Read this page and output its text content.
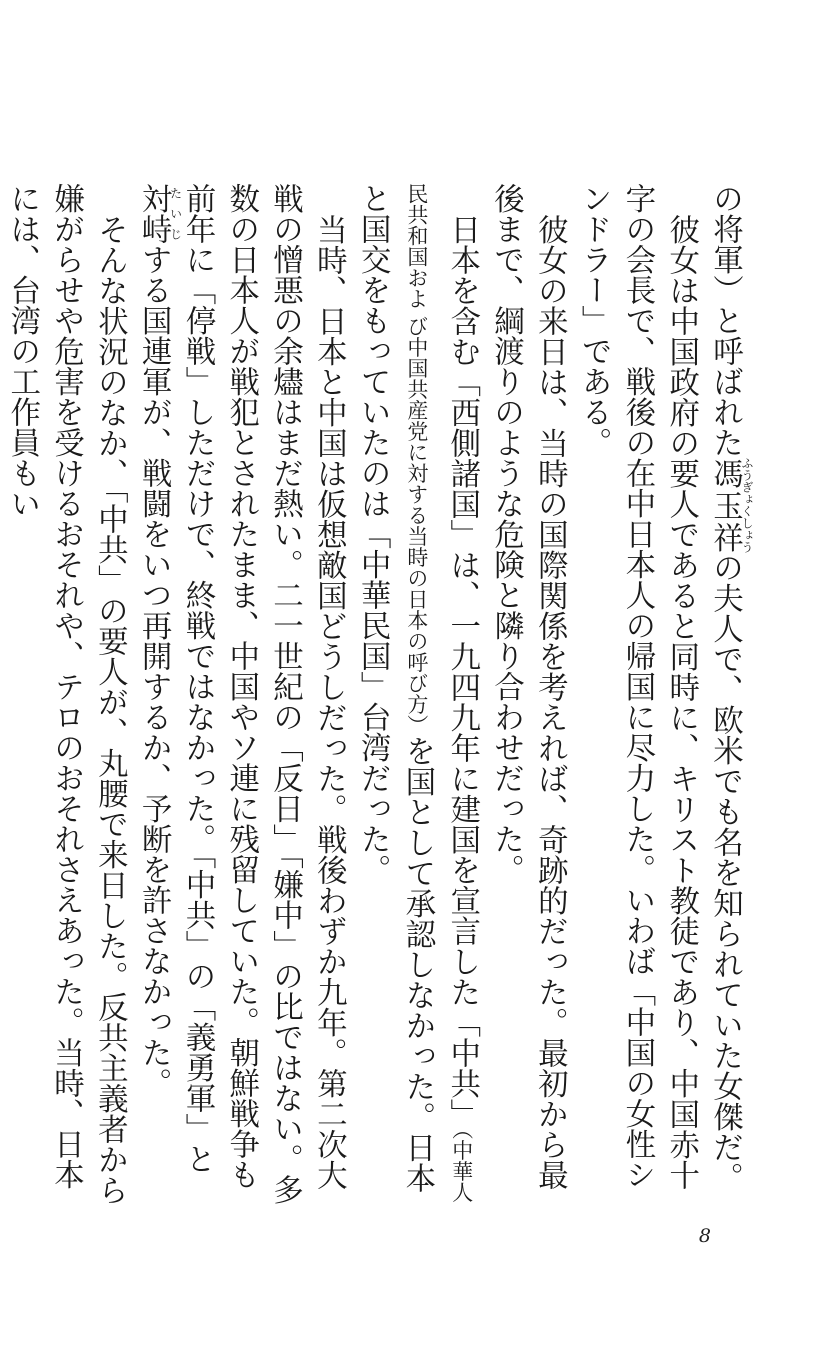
の将軍）と呼ばれた馮玉祥ふうぎょくしょうの夫人で、欧米でも名を知られていた女傑だ。

彼女は中国政府の要人であると同時に、キリスト教徒であり、中国赤十字の会長で、戦後の在中日本人の帰国に尽力した。いわば「中国の女性シンドラー」である。

彼女の来日は、当時の国際関係を考えれば、奇跡的だった。最初から最後まで、綱渡りのような危険と隣り合わせだった。

日本を含む「西側諸国」は、一九四九年に建国を宣言した「中共」（中華人民共和国およ び中国共産党に対する当時の日本の呼び方）を国として承認しなかった。日本と国交をもっていたのは「中華民国」台湾だった。

当時、日本と中国は仮想敵国どうしだった。戦後わずか九年。第二次大戦の憎悪の余燼はまだ熱い。二一世紀の「反日」「嫌中」の比ではない。多数の日本人が戦犯とされたまま、中国やソ連に残留していた。朝鮮戦争も前年に「停戦」しただけで、終戦ではなかった。「中共」の「義勇軍」と対峙たいじする国連軍が、戦闘をいつ再開するか、予断を許さなかった。

そんな状況のなか、「中共」の要人が、丸腰で来日した。反共主義者から嫌がらせや危害を受けるおそれや、テロのおそれさえあった。当時、日本には、台湾の工作員もい

8
